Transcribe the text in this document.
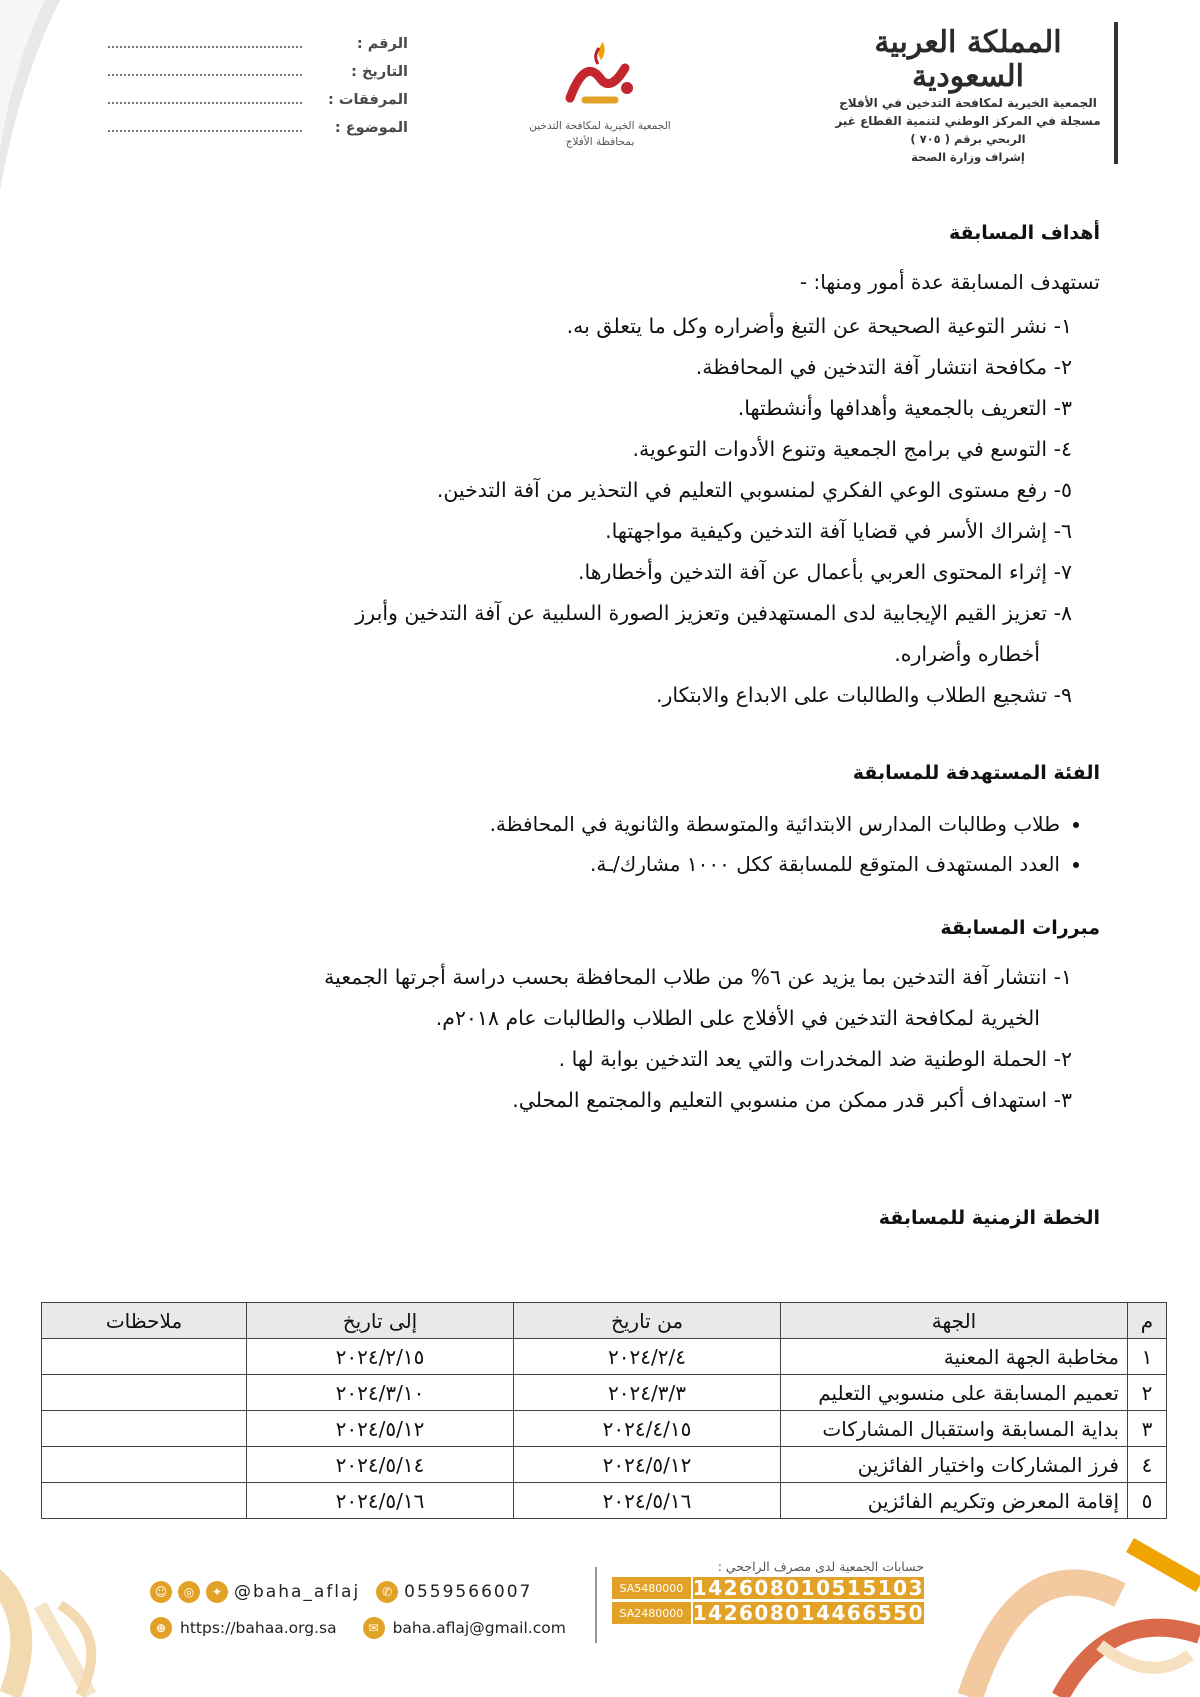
المملكة العربية السعودية
الجمعية الخيرية لمكافحة التدخين في الأفلاج
مسجلة في المركز الوطني لتنمية القطاع غير
الربحي برقم ( ٧٠٥ )
إشراف وزارة الصحة
الجمعية الخيرية لمكافحة التدخين
بمحافظة الأفلاج
الرقم :
التاريخ :
المرفقات :
الموضوع :
أهداف المسابقة
تستهدف المسابقة عدة أمور ومنها: -
١- نشر التوعية الصحيحة عن التبغ وأضراره وكل ما يتعلق به.
٢- مكافحة انتشار آفة التدخين في المحافظة.
٣- التعريف بالجمعية وأهدافها وأنشطتها.
٤- التوسع في برامج الجمعية وتنوع الأدوات التوعوية.
٥- رفع مستوى الوعي الفكري لمنسوبي التعليم في التحذير من آفة التدخين.
٦- إشراك الأسر في قضايا آفة التدخين وكيفية مواجهتها.
٧- إثراء المحتوى العربي بأعمال عن آفة التدخين وأخطارها.
٨- تعزيز القيم الإيجابية لدى المستهدفين وتعزيز الصورة السلبية عن آفة التدخين وأبرز
أخطاره وأضراره.
٩- تشجيع الطلاب والطالبات على الابداع والابتكار.
الفئة المستهدفة للمسابقة
• طلاب وطالبات المدارس الابتدائية والمتوسطة والثانوية في المحافظة.
• العدد المستهدف المتوقع للمسابقة ككل ١٠٠٠ مشارك/ـة.
مبررات المسابقة
١- انتشار آفة التدخين بما يزيد عن ٦% من طلاب المحافظة بحسب دراسة أجرتها الجمعية
الخيرية لمكافحة التدخين في الأفلاج على الطلاب والطالبات عام ٢٠١٨م.
٢- الحملة الوطنية ضد المخدرات والتي يعد التدخين بوابة لها .
٣- استهداف أكبر قدر ممكن من منسوبي التعليم والمجتمع المحلي.
الخطة الزمنية للمسابقة
م	الجهة	من تاريخ	إلى تاريخ	ملاحظات
١	مخاطبة الجهة المعنية	٢٠٢٤/٢/٤	٢٠٢٤/٢/١٥	
٢	تعميم المسابقة على منسوبي التعليم	٢٠٢٤/٣/٣	٢٠٢٤/٣/١٠	
٣	بداية المسابقة واستقبال المشاركات	٢٠٢٤/٤/١٥	٢٠٢٤/٥/١٢	
٤	فرز المشاركات واختيار الفائزين	٢٠٢٤/٥/١٢	٢٠٢٤/٥/١٤	
٥	إقامة المعرض وتكريم الفائزين	٢٠٢٤/٥/١٦	٢٠٢٤/٥/١٦	
☺	◎	✦ @baha_aflaj	✆ 0559566007
⊕ https://bahaa.org.sa	✉ baha.aflaj@gmail.com
حسابات الجمعية لدى مصرف الراجحي :
SA5480000 142608010515103
SA2480000 142608014466550
